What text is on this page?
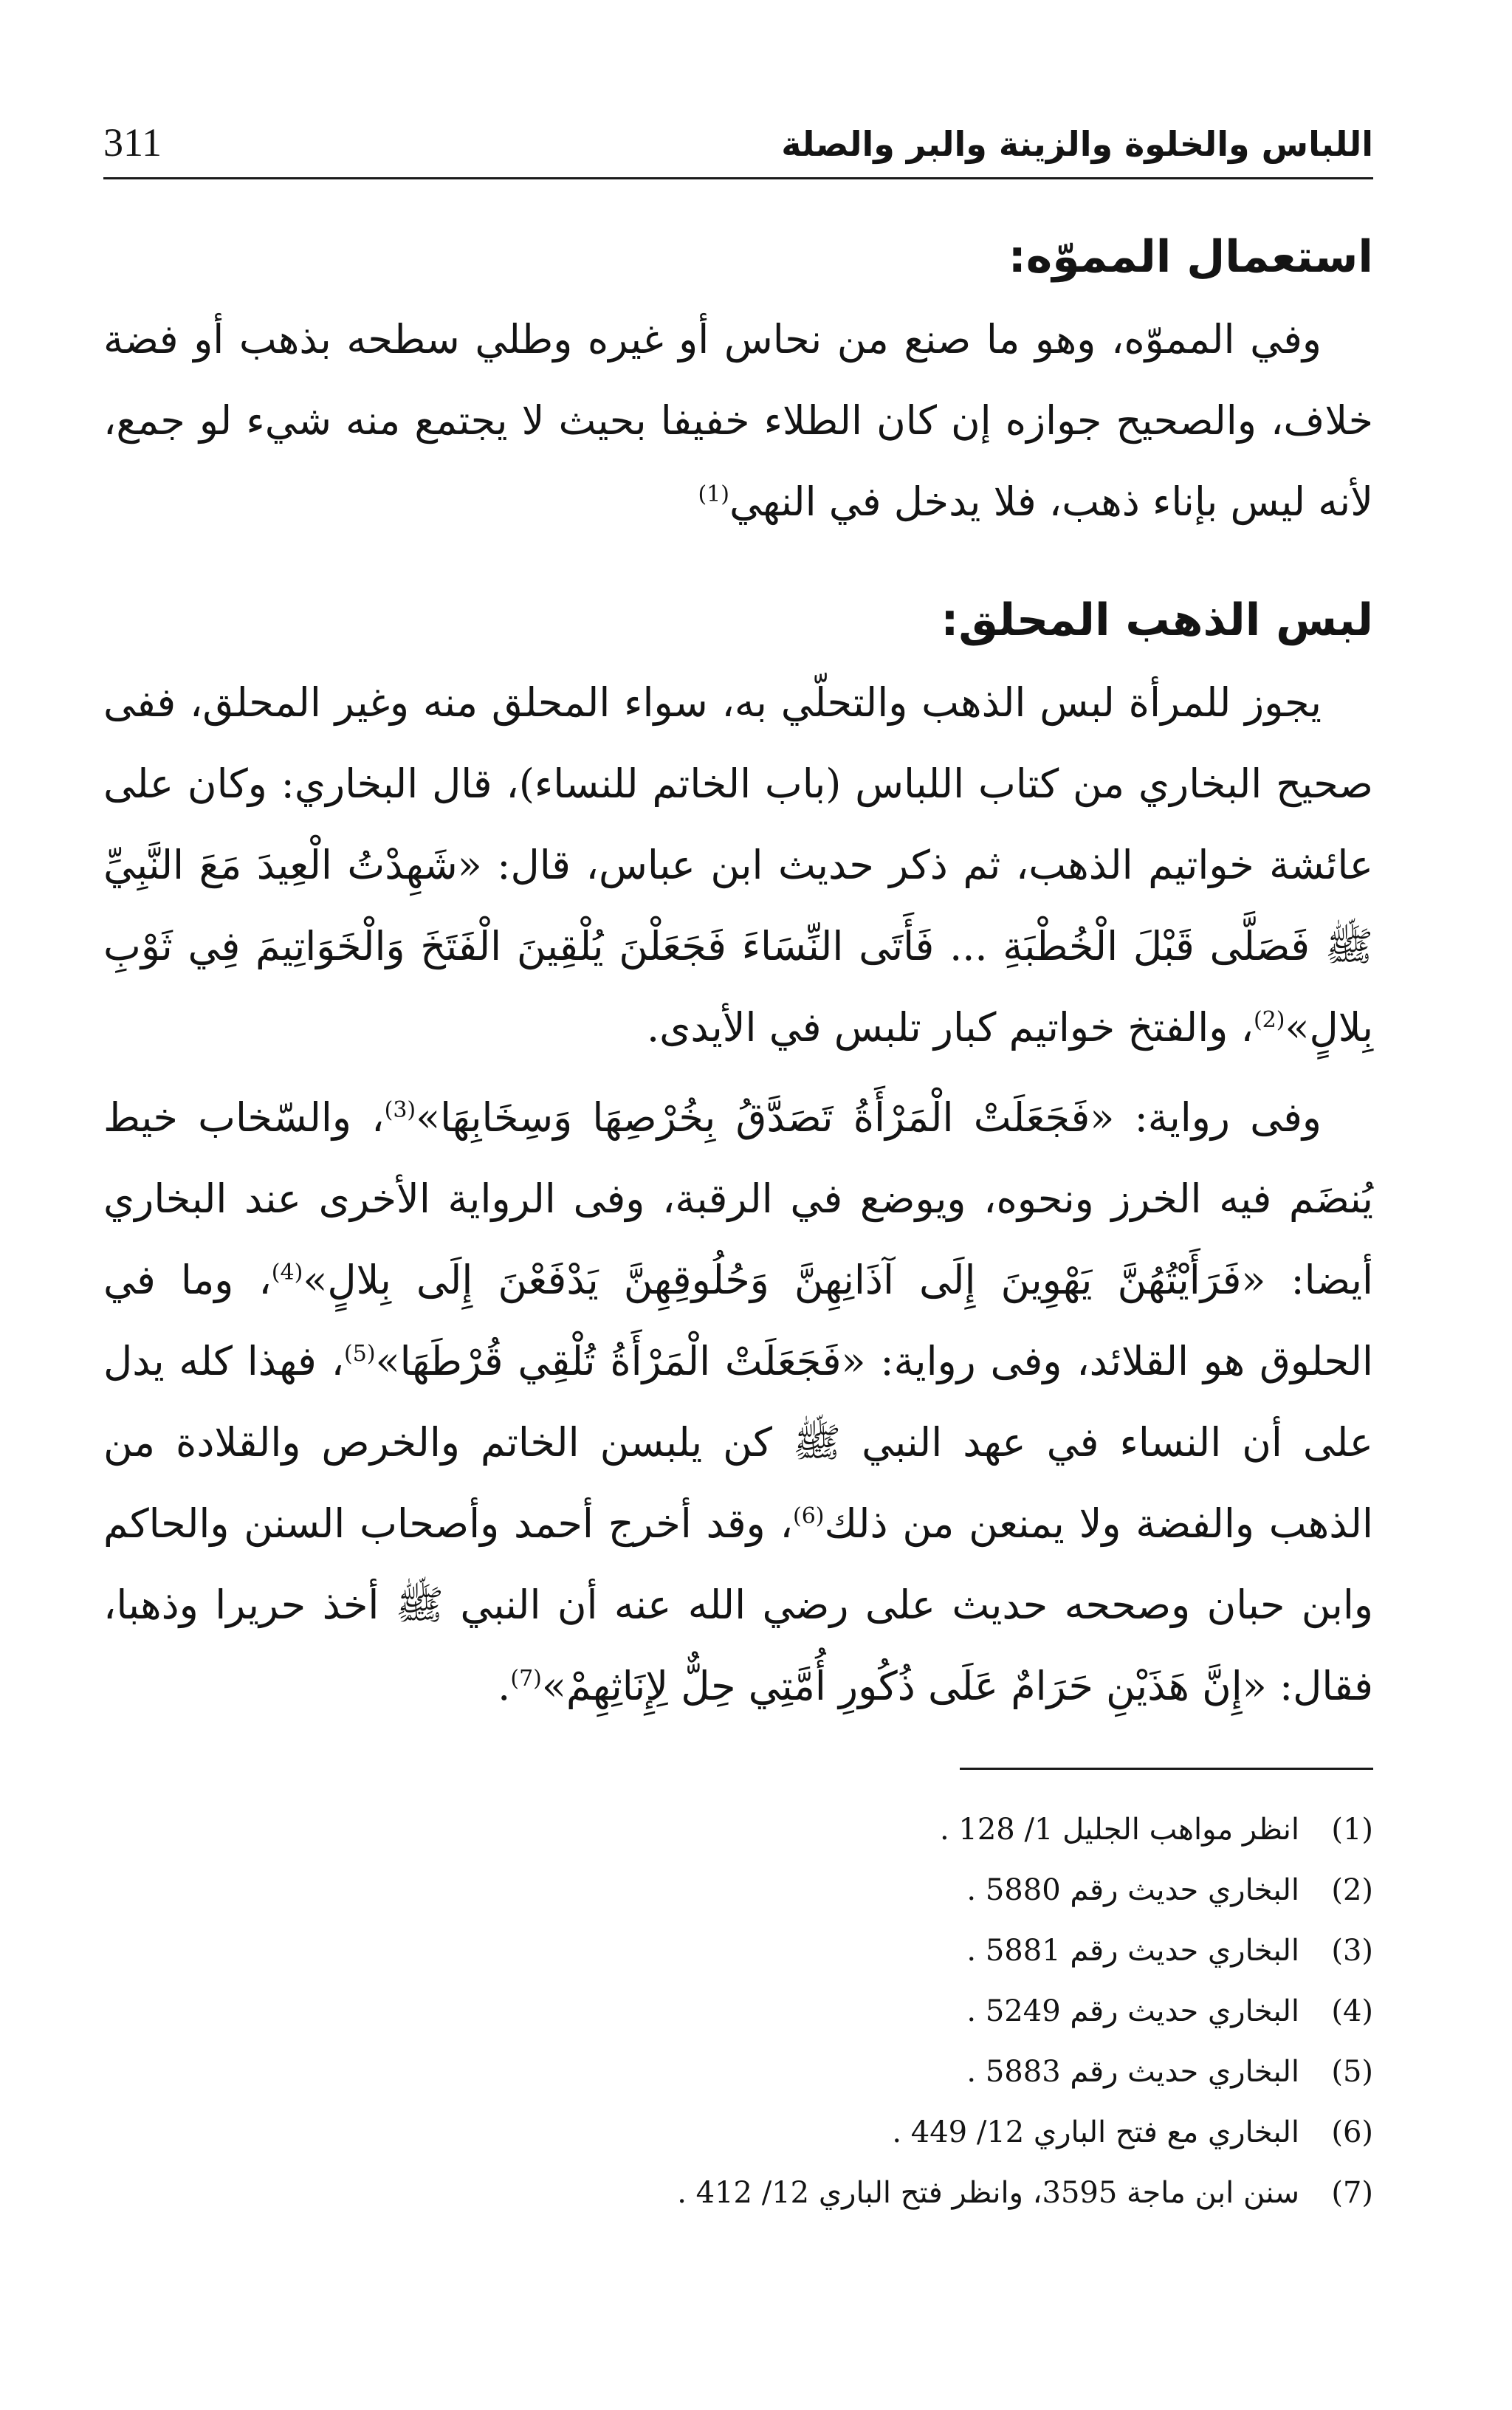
اللباس والخلوة والزينة والبر والصلة
311
استعمال المموّه:

وفي المموّه، وهو ما صنع من نحاس أو غيره وطلي سطحه بذهب أو فضة خلاف، والصحيح جوازه إن كان الطلاء خفيفا بحيث لا يجتمع منه شيء لو جمع، لأنه ليس بإناء ذهب، فلا يدخل في النهي$^{(1)}$

لبس الذهب المحلق:

يجوز للمرأة لبس الذهب والتحلّي به، سواء المحلق منه وغير المحلق، ففى صحيح البخاري من كتاب اللباس (باب الخاتم للنساء)، قال البخاري: وكان على عائشة خواتيم الذهب، ثم ذكر حديث ابن عباس، قال: «شَهِدْتُ الْعِيدَ مَعَ النَّبِيِّ ﷺ فَصَلَّى قَبْلَ الْخُطْبَةِ ... فَأَتَى النِّسَاءَ فَجَعَلْنَ يُلْقِينَ الْفَتَخَ وَالْخَوَاتِيمَ فِي ثَوْبِ بِلالٍ»$^{(2)}$، والفتخ خواتيم كبار تلبس في الأيدى.

وفى رواية: «فَجَعَلَتْ الْمَرْأَةُ تَصَدَّقُ بِخُرْصِهَا وَسِخَابِهَا»$^{(3)}$، والسّخاب خيط يُنضَم فيه الخرز ونحوه، ويوضع في الرقبة، وفى الرواية الأخرى عند البخاري أيضا: «فَرَأَيْتُهُنَّ يَهْوِينَ إِلَى آذَانِهِنَّ وَحُلُوقِهِنَّ يَدْفَعْنَ إِلَى بِلالٍ»$^{(4)}$، وما في الحلوق هو القلائد، وفى رواية: «فَجَعَلَتْ الْمَرْأَةُ تُلْقِي قُرْطَهَا»$^{(5)}$، فهذا كله يدل على أن النساء في عهد النبي ﷺ كن يلبسن الخاتم والخرص والقلادة من الذهب والفضة ولا يمنعن من ذلك$^{(6)}$، وقد أخرج أحمد وأصحاب السنن والحاكم وابن حبان وصححه حديث على رضي الله عنه أن النبي ﷺ أخذ حريرا وذهبا، فقال: «إِنَّ هَذَيْنِ حَرَامٌ عَلَى ذُكُورِ أُمَّتِي حِلٌّ لِإِنَاثِهِمْ»$^{(7)}$.

(1)
انظر مواهب الجليل 1/ 128 .
(2)
البخاري حديث رقم 5880 .
(3)
البخاري حديث رقم 5881 .
(4)
البخاري حديث رقم 5249 .
(5)
البخاري حديث رقم 5883 .
(6)
البخاري مع فتح الباري 12/ 449 .
(7)
سنن ابن ماجة 3595، وانظر فتح الباري 12/ 412 .
